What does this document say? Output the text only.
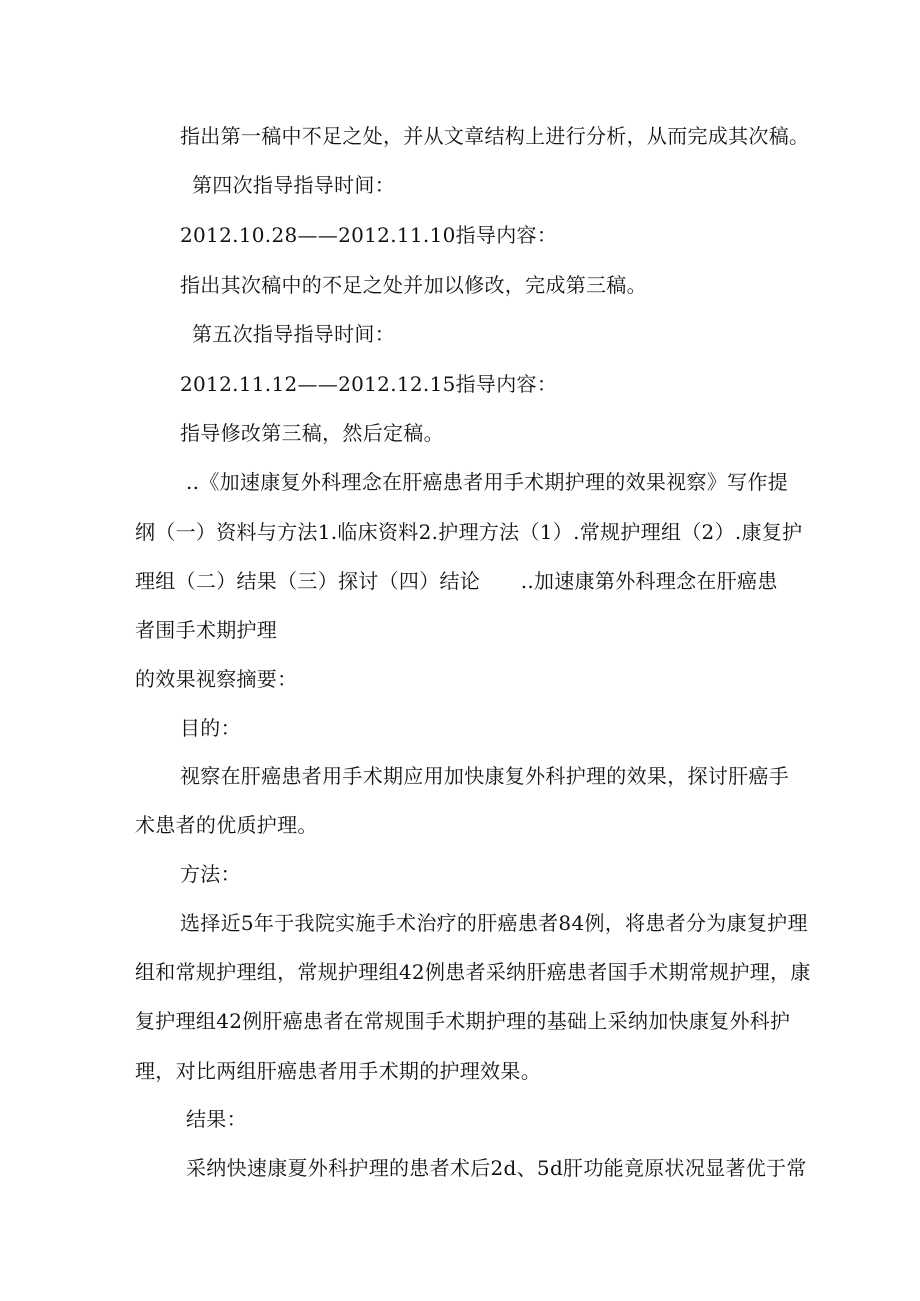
指出第一稿中不足之处，并从文章结构上进行分析，从而完成其次稿。
第四次指导指导时间：
2012.10.28——2012.11.10指导内容：
指出其次稿中的不足之处并加以修改，完成第三稿。
第五次指导指导时间：
2012.11.12——2012.12.15指导内容：
指导修改第三稿，然后定稿。
..《加速康复外科理念在肝癌患者用手术期护理的效果视察》写作提
纲（一）资料与方法1.临床资料2.护理方法（1）.常规护理组（2）.康复护
理组（二）结果（三）探讨（四）结论　　..加速康第外科理念在肝癌患
者围手术期护理
的效果视察摘要：
目的：
视察在肝癌患者用手术期应用加快康复外科护理的效果，探讨肝癌手
术患者的优质护理。
方法：
选择近5年于我院实施手术治疗的肝癌患者84例，将患者分为康复护理
组和常规护理组，常规护理组42例患者采纳肝癌患者国手术期常规护理，康
复护理组42例肝癌患者在常规围手术期护理的基础上采纳加快康复外科护
理，对比两组肝癌患者用手术期的护理效果。
结果：
采纳快速康夏外科护理的患者术后2d、5d肝功能竟原状况显著优于常
